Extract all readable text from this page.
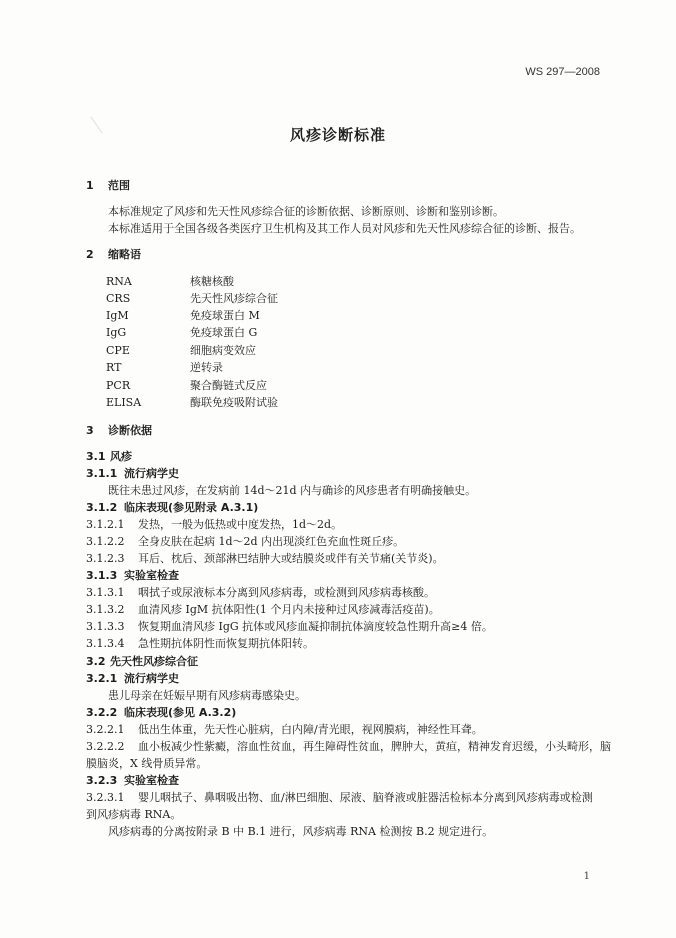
WS 297—2008
风疹诊断标准
1 范围
本标准规定了风疹和先天性风疹综合征的诊断依据、诊断原则、诊断和鉴别诊断。
本标准适用于全国各级各类医疗卫生机构及其工作人员对风疹和先天性风疹综合征的诊断、报告。
2 缩略语
RNA	核糖核酸
CRS	先天性风疹综合征
IgM	免疫球蛋白 M
IgG	免疫球蛋白 G
CPE	细胞病变效应
RT	逆转录
PCR	聚合酶链式反应
ELISA	酶联免疫吸附试验
3 诊断依据
3.1 风疹
3.1.1 流行病学史
既往未患过风疹，在发病前 14d～21d 内与确诊的风疹患者有明确接触史。
3.1.2 临床表现(参见附录 A.3.1)
3.1.2.1 发热，一般为低热或中度发热，1d～2d。
3.1.2.2 全身皮肤在起病 1d～2d 内出现淡红色充血性斑丘疹。
3.1.2.3 耳后、枕后、颈部淋巴结肿大或结膜炎或伴有关节痛(关节炎)。
3.1.3 实验室检查
3.1.3.1 咽拭子或尿液标本分离到风疹病毒，或检测到风疹病毒核酸。
3.1.3.2 血清风疹 IgM 抗体阳性(1 个月内未接种过风疹减毒活疫苗)。
3.1.3.3 恢复期血清风疹 IgG 抗体或风疹血凝抑制抗体滴度较急性期升高≥4 倍。
3.1.3.4 急性期抗体阴性而恢复期抗体阳转。
3.2 先天性风疹综合征
3.2.1 流行病学史
患儿母亲在妊娠早期有风疹病毒感染史。
3.2.2 临床表现(参见 A.3.2)
3.2.2.1 低出生体重，先天性心脏病，白内障/青光眼，视网膜病，神经性耳聋。
3.2.2.2 血小板减少性紫癜，溶血性贫血，再生障碍性贫血，脾肿大，黄疸，精神发育迟缓，小头畸形，脑
膜脑炎，X 线骨质异常。
3.2.3 实验室检查
3.2.3.1 婴儿咽拭子、鼻咽吸出物、血/淋巴细胞、尿液、脑脊液或脏器活检标本分离到风疹病毒或检测
到风疹病毒 RNA。
风疹病毒的分离按附录 B 中 B.1 进行，风疹病毒 RNA 检测按 B.2 规定进行。
1
